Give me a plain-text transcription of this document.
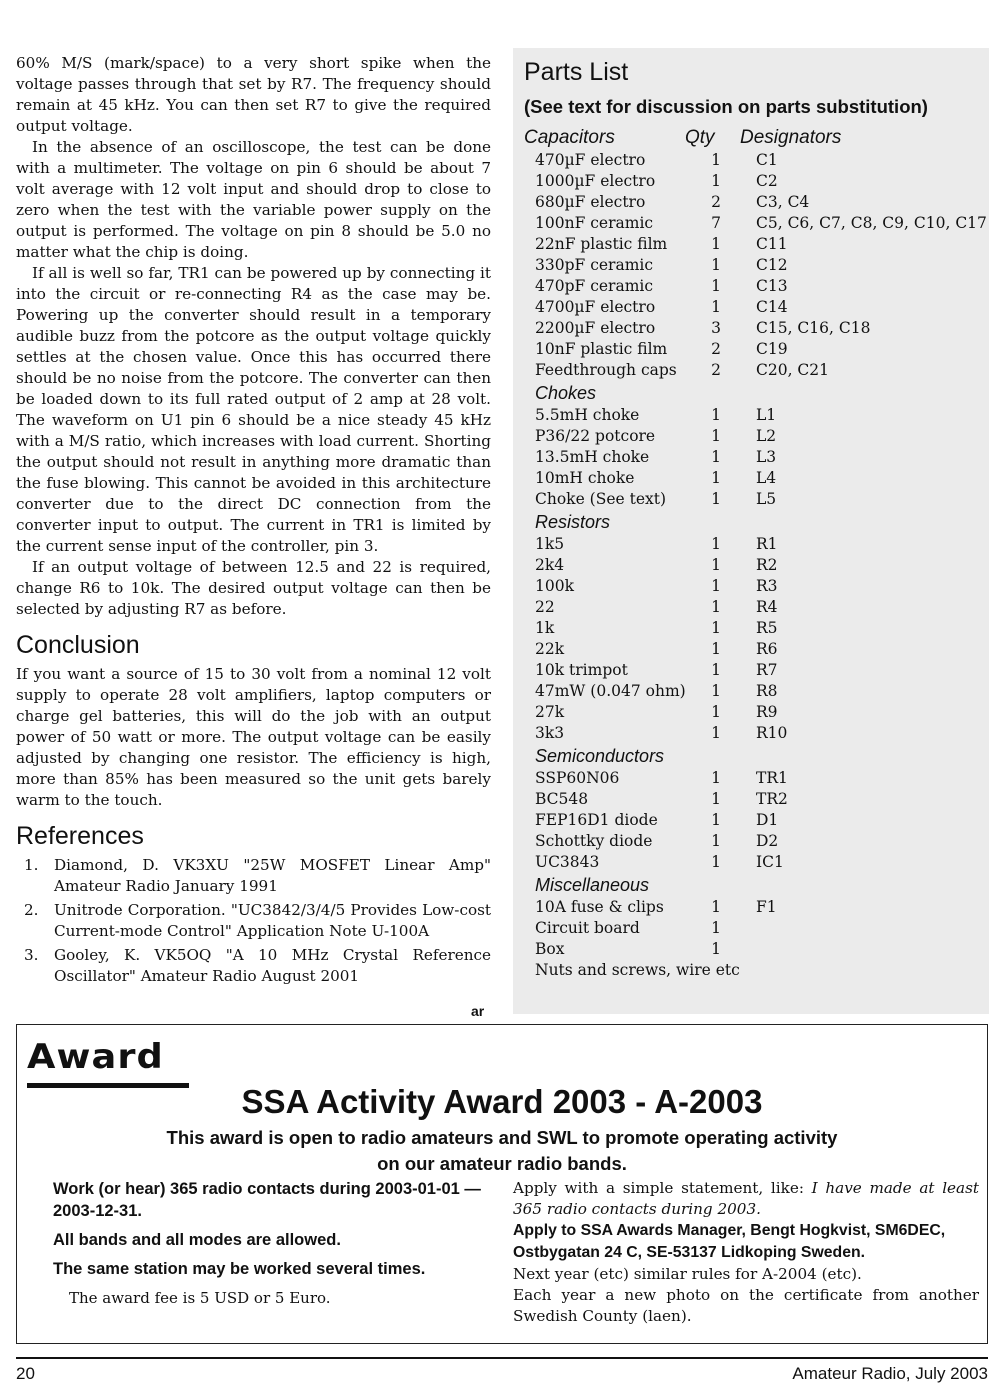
60% M/S (mark/space) to a very short spike when the voltage passes through that set by R7. The frequency should remain at 45 kHz. You can then set R7 to give the required output voltage.

In the absence of an oscilloscope, the test can be done with a multimeter. The voltage on pin 6 should be about 7 volt average with 12 volt input and should drop to close to zero when the test with the variable power supply on the output is performed. The voltage on pin 8 should be 5.0 no matter what the chip is doing.

If all is well so far, TR1 can be powered up by connecting it into the circuit or re-connecting R4 as the case may be. Powering up the converter should result in a temporary audible buzz from the potcore as the output voltage quickly settles at the chosen value. Once this has occurred there should be no noise from the potcore. The converter can then be loaded down to its full rated output of 2 amp at 28 volt. The waveform on U1 pin 6 should be a nice steady 45 kHz with a M/S ratio, which increases with load current. Shorting the output should not result in anything more dramatic than the fuse blowing. This cannot be avoided in this architecture converter due to the direct DC connection from the converter input to output. The current in TR1 is limited by the current sense input of the controller, pin 3.

If an output voltage of between 12.5 and 22 is required, change R6 to 10k. The desired output voltage can then be selected by adjusting R7 as before.

Conclusion

If you want a source of 15 to 30 volt from a nominal 12 volt supply to operate 28 volt amplifiers, laptop computers or charge gel batteries, this will do the job with an output power of 50 watt or more. The output voltage can be easily adjusted by changing one resistor. The efficiency is high, more than 85% has been measured so the unit gets barely warm to the touch.

References
1. Diamond, D. VK3XU "25W MOSFET Linear Amp" Amateur Radio January 1991
2. Unitrode Corporation. "UC3842/3/4/5 Provides Low-cost Current-mode Control" Application Note U-100A
3. Gooley, K. VK5OQ "A 10 MHz Crystal Reference Oscillator" Amateur Radio August 2001
ar
Parts List
(See text for discussion on parts substitution)
Capacitors	Qty Designators
470µF electro	1	C1
1000µF electro	1	C2
680µF electro	2	C3, C4
100nF ceramic	7	C5, C6, C7, C8, C9, C10, C17
22nF plastic film	1	C11
330pF ceramic	1	C12
470pF ceramic	1	C13
4700µF electro	1	C14
2200µF electro	3	C15, C16, C18
10nF plastic film	2	C19
Feedthrough caps	2	C20, C21
Chokes
5.5mH choke	1	L1
P36/22 potcore	1	L2
13.5mH choke	1	L3
10mH choke	1	L4
Choke (See text)	1	L5
Resistors
1k5	1	R1
2k4	1	R2
100k	1	R3
22	1	R4
1k	1	R5
22k	1	R6
10k trimpot	1	R7
47mW (0.047 ohm)	1	R8
27k	1	R9
3k3	1	R10
Semiconductors
SSP60N06	1	TR1
BC548	1	TR2
FEP16D1 diode	1	D1
Schottky diode	1	D2
UC3843	1	IC1
Miscellaneous
10A fuse & clips	1	F1
Circuit board	1
Box	1
Nuts and screws, wire etc
Award
SSA Activity Award 2003 - A-2003
This award is open to radio amateurs and SWL to promote operating activity
on our amateur radio bands.

Work (or hear) 365 radio contacts during 2003-01-01 — 2003-12-31.

All bands and all modes are allowed.

The same station may be worked several times.

The award fee is 5 USD or 5 Euro.

Apply with a simple statement, like: I have made at least 365 radio contacts during 2003.

Apply to SSA Awards Manager, Bengt Hogkvist, SM6DEC, Ostbygatan 24 C, SE-53137 Lidkoping Sweden.

Next year (etc) similar rules for A-2004 (etc).

Each year a new photo on the certificate from another Swedish County (laen).

20	Amateur Radio, July 2003
